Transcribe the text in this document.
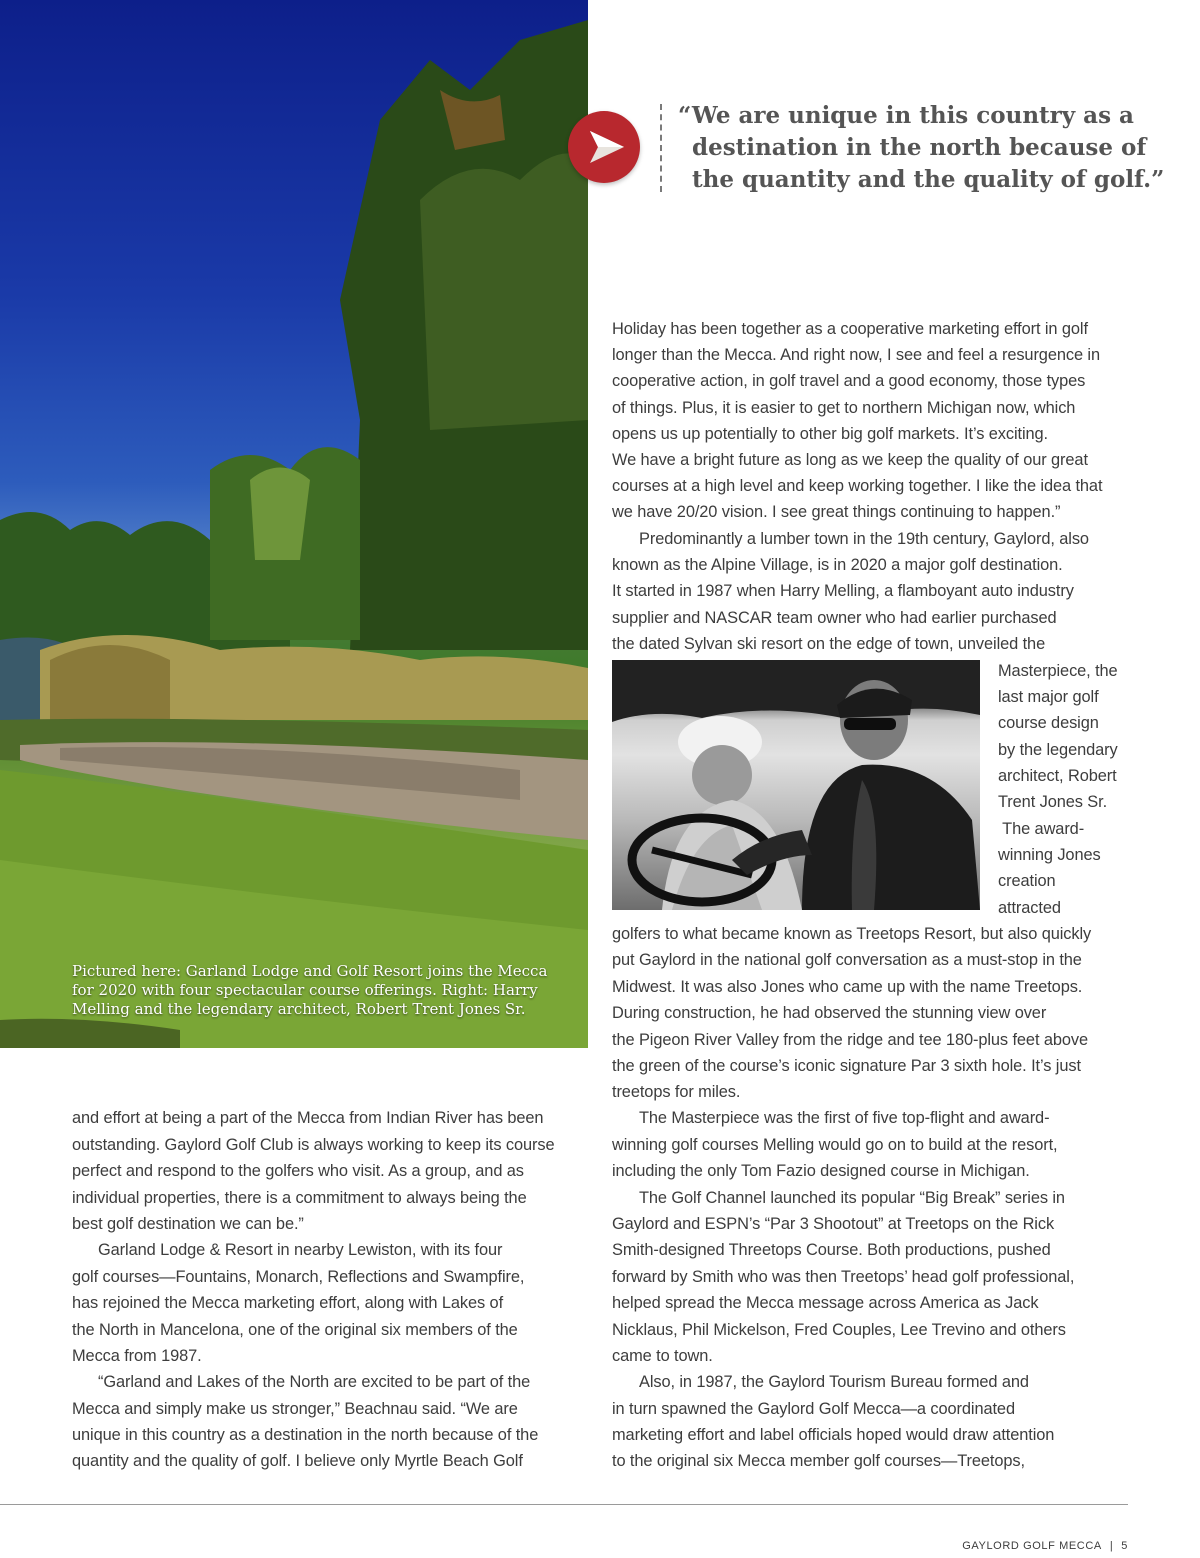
Pictured here: Garland Lodge and Golf Resort joins the Mecca for 2020 with four spectacular course offerings. Right: Harry Melling and the legendary architect, Robert Trent Jones Sr.

“We are unique in this country as a
destination in the north because of
the quantity and the quality of golf.”

Holiday has been together as a cooperative marketing effort in golf

longer than the Mecca. And right now, I see and feel a resurgence in

cooperative action, in golf travel and a good economy, those types

of things. Plus, it is easier to get to northern Michigan now, which

opens us up potentially to other big golf markets. It’s exciting.

We have a bright future as long as we keep the quality of our great

courses at a high level and keep working together. I like the idea that

we have 20/20 vision. I see great things continuing to happen.”

Predominantly a lumber town in the 19th century, Gaylord, also

known as the Alpine Village, is in 2020 a major golf destination.

It started in 1987 when Harry Melling, a flamboyant auto industry

supplier and NASCAR team owner who had earlier purchased

the dated Sylvan ski resort on the edge of town, unveiled the

Masterpiece, the

last major golf

course design

by the legendary

architect, Robert

Trent Jones Sr.

The award-

winning Jones

creation

attracted

golfers to what became known as Treetops Resort, but also quickly

put Gaylord in the national golf conversation as a must-stop in the

Midwest. It was also Jones who came up with the name Treetops.

During construction, he had observed the stunning view over

the Pigeon River Valley from the ridge and tee 180-plus feet above

the green of the course’s iconic signature Par 3 sixth hole. It’s just

treetops for miles.

The Masterpiece was the first of five top-flight and award-

winning golf courses Melling would go on to build at the resort,

including the only Tom Fazio designed course in Michigan.

The Golf Channel launched its popular “Big Break” series in

Gaylord and ESPN’s “Par 3 Shootout” at Treetops on the Rick

Smith-designed Threetops Course. Both productions, pushed

forward by Smith who was then Treetops’ head golf professional,

helped spread the Mecca message across America as Jack

Nicklaus, Phil Mickelson, Fred Couples, Lee Trevino and others

came to town.

Also, in 1987, the Gaylord Tourism Bureau formed and

in turn spawned the Gaylord Golf Mecca—a coordinated

marketing effort and label officials hoped would draw attention

to the original six Mecca member golf courses—Treetops,

and effort at being a part of the Mecca from Indian River has been

outstanding. Gaylord Golf Club is always working to keep its course

perfect and respond to the golfers who visit. As a group, and as

individual properties, there is a commitment to always being the

best golf destination we can be.”

Garland Lodge & Resort in nearby Lewiston, with its four

golf courses—Fountains, Monarch, Reflections and Swampfire,

has rejoined the Mecca marketing effort, along with Lakes of

the North in Mancelona, one of the original six members of the

Mecca from 1987.

“Garland and Lakes of the North are excited to be part of the

Mecca and simply make us stronger,” Beachnau said. “We are

unique in this country as a destination in the north because of the

quantity and the quality of golf. I believe only Myrtle Beach Golf

GAYLORD GOLF MECCA | 5
